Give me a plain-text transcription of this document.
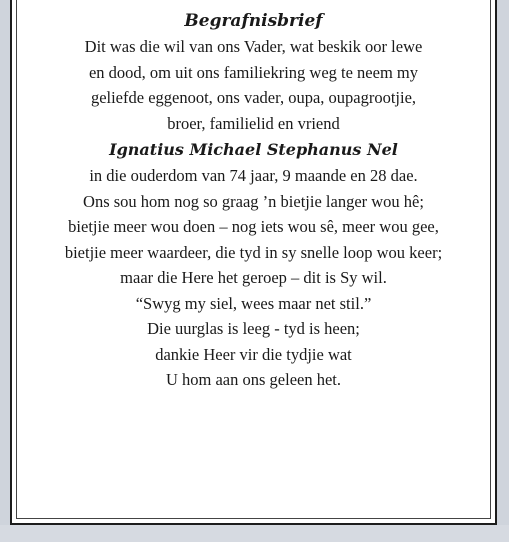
Begrafnisbrief

Dit was die wil van ons Vader, wat beskik oor lewe

en dood, om uit ons familiekring weg te neem my

geliefde eggenoot, ons vader, oupa, oupagrootjie,

broer, familielid en vriend

Ignatius Michael Stephanus Nel

in die ouderdom van 74 jaar, 9 maande en 28 dae.

Ons sou hom nog so graag ’n bietjie langer wou hê;

bietjie meer wou doen – nog iets wou sê, meer wou gee,

bietjie meer waardeer, die tyd in sy snelle loop wou keer;

maar die Here het geroep – dit is Sy wil.

“Swyg my siel, wees maar net stil.”

Die uurglas is leeg - tyd is heen;

dankie Heer vir die tydjie wat

U hom aan ons geleen het.
